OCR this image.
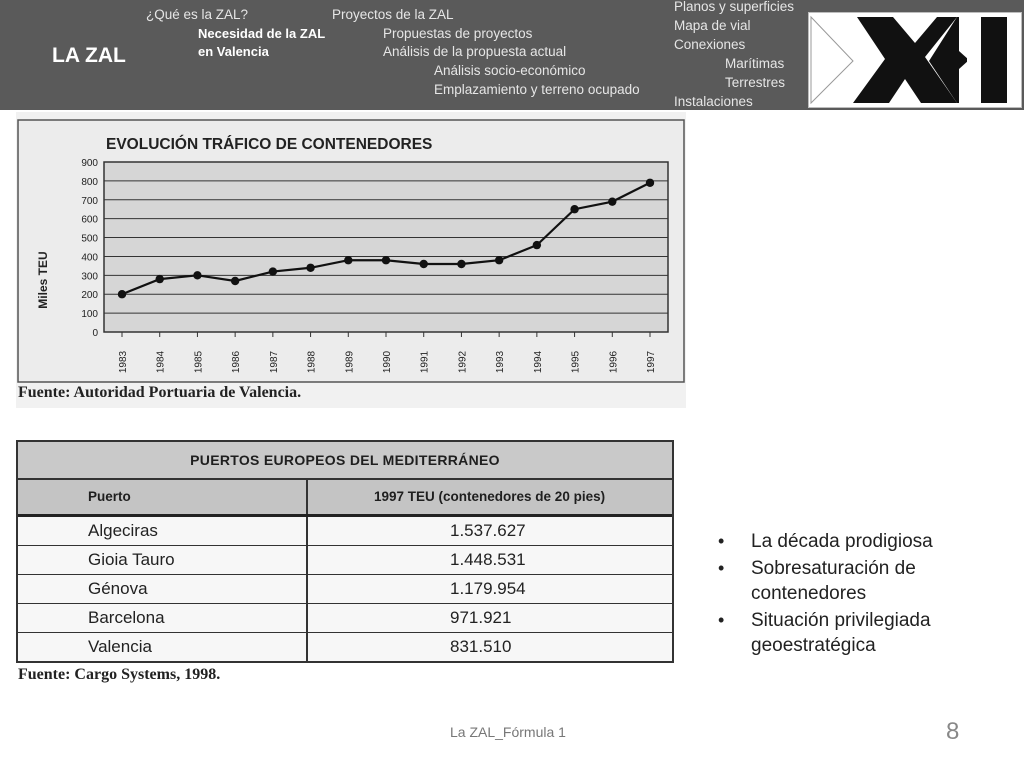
LA ZAL
¿Qué es la ZAL?	Proyectos de la ZAL
Necesidad de la ZAL
en Valencia
Propuestas de proyectos
Análisis de la propuesta actual
Análisis socio-económico
Emplazamiento y terreno ocupado
Planos y superficies
Mapa de vial
Conexiones
Marítimas
Terrestres
Instalaciones
EVOLUCIÓN TRÁFICO DE CONTENEDORES
Miles TEU
0
100
200
300
400
500
600
700
800
900
1983	1984	1985	1986	1987	1988	1989	1990	1991	1992	1993	1994	1995	1996	1997
Fuente: Autoridad Portuaria de Valencia.
PUERTOS EUROPEOS DEL MEDITERRÁNEO
Puerto	1997 TEU (contenedores de 20 pies)
Algeciras	1.537.627
Gioia Tauro	1.448.531
Génova	1.179.954
Barcelona	971.921
Valencia	831.510
Fuente: Cargo Systems, 1998.
• La década prodigiosa
• Sobresaturación de contenedores
• Situación privilegiada geoestratégica
La ZAL_Fórmula 1	8
